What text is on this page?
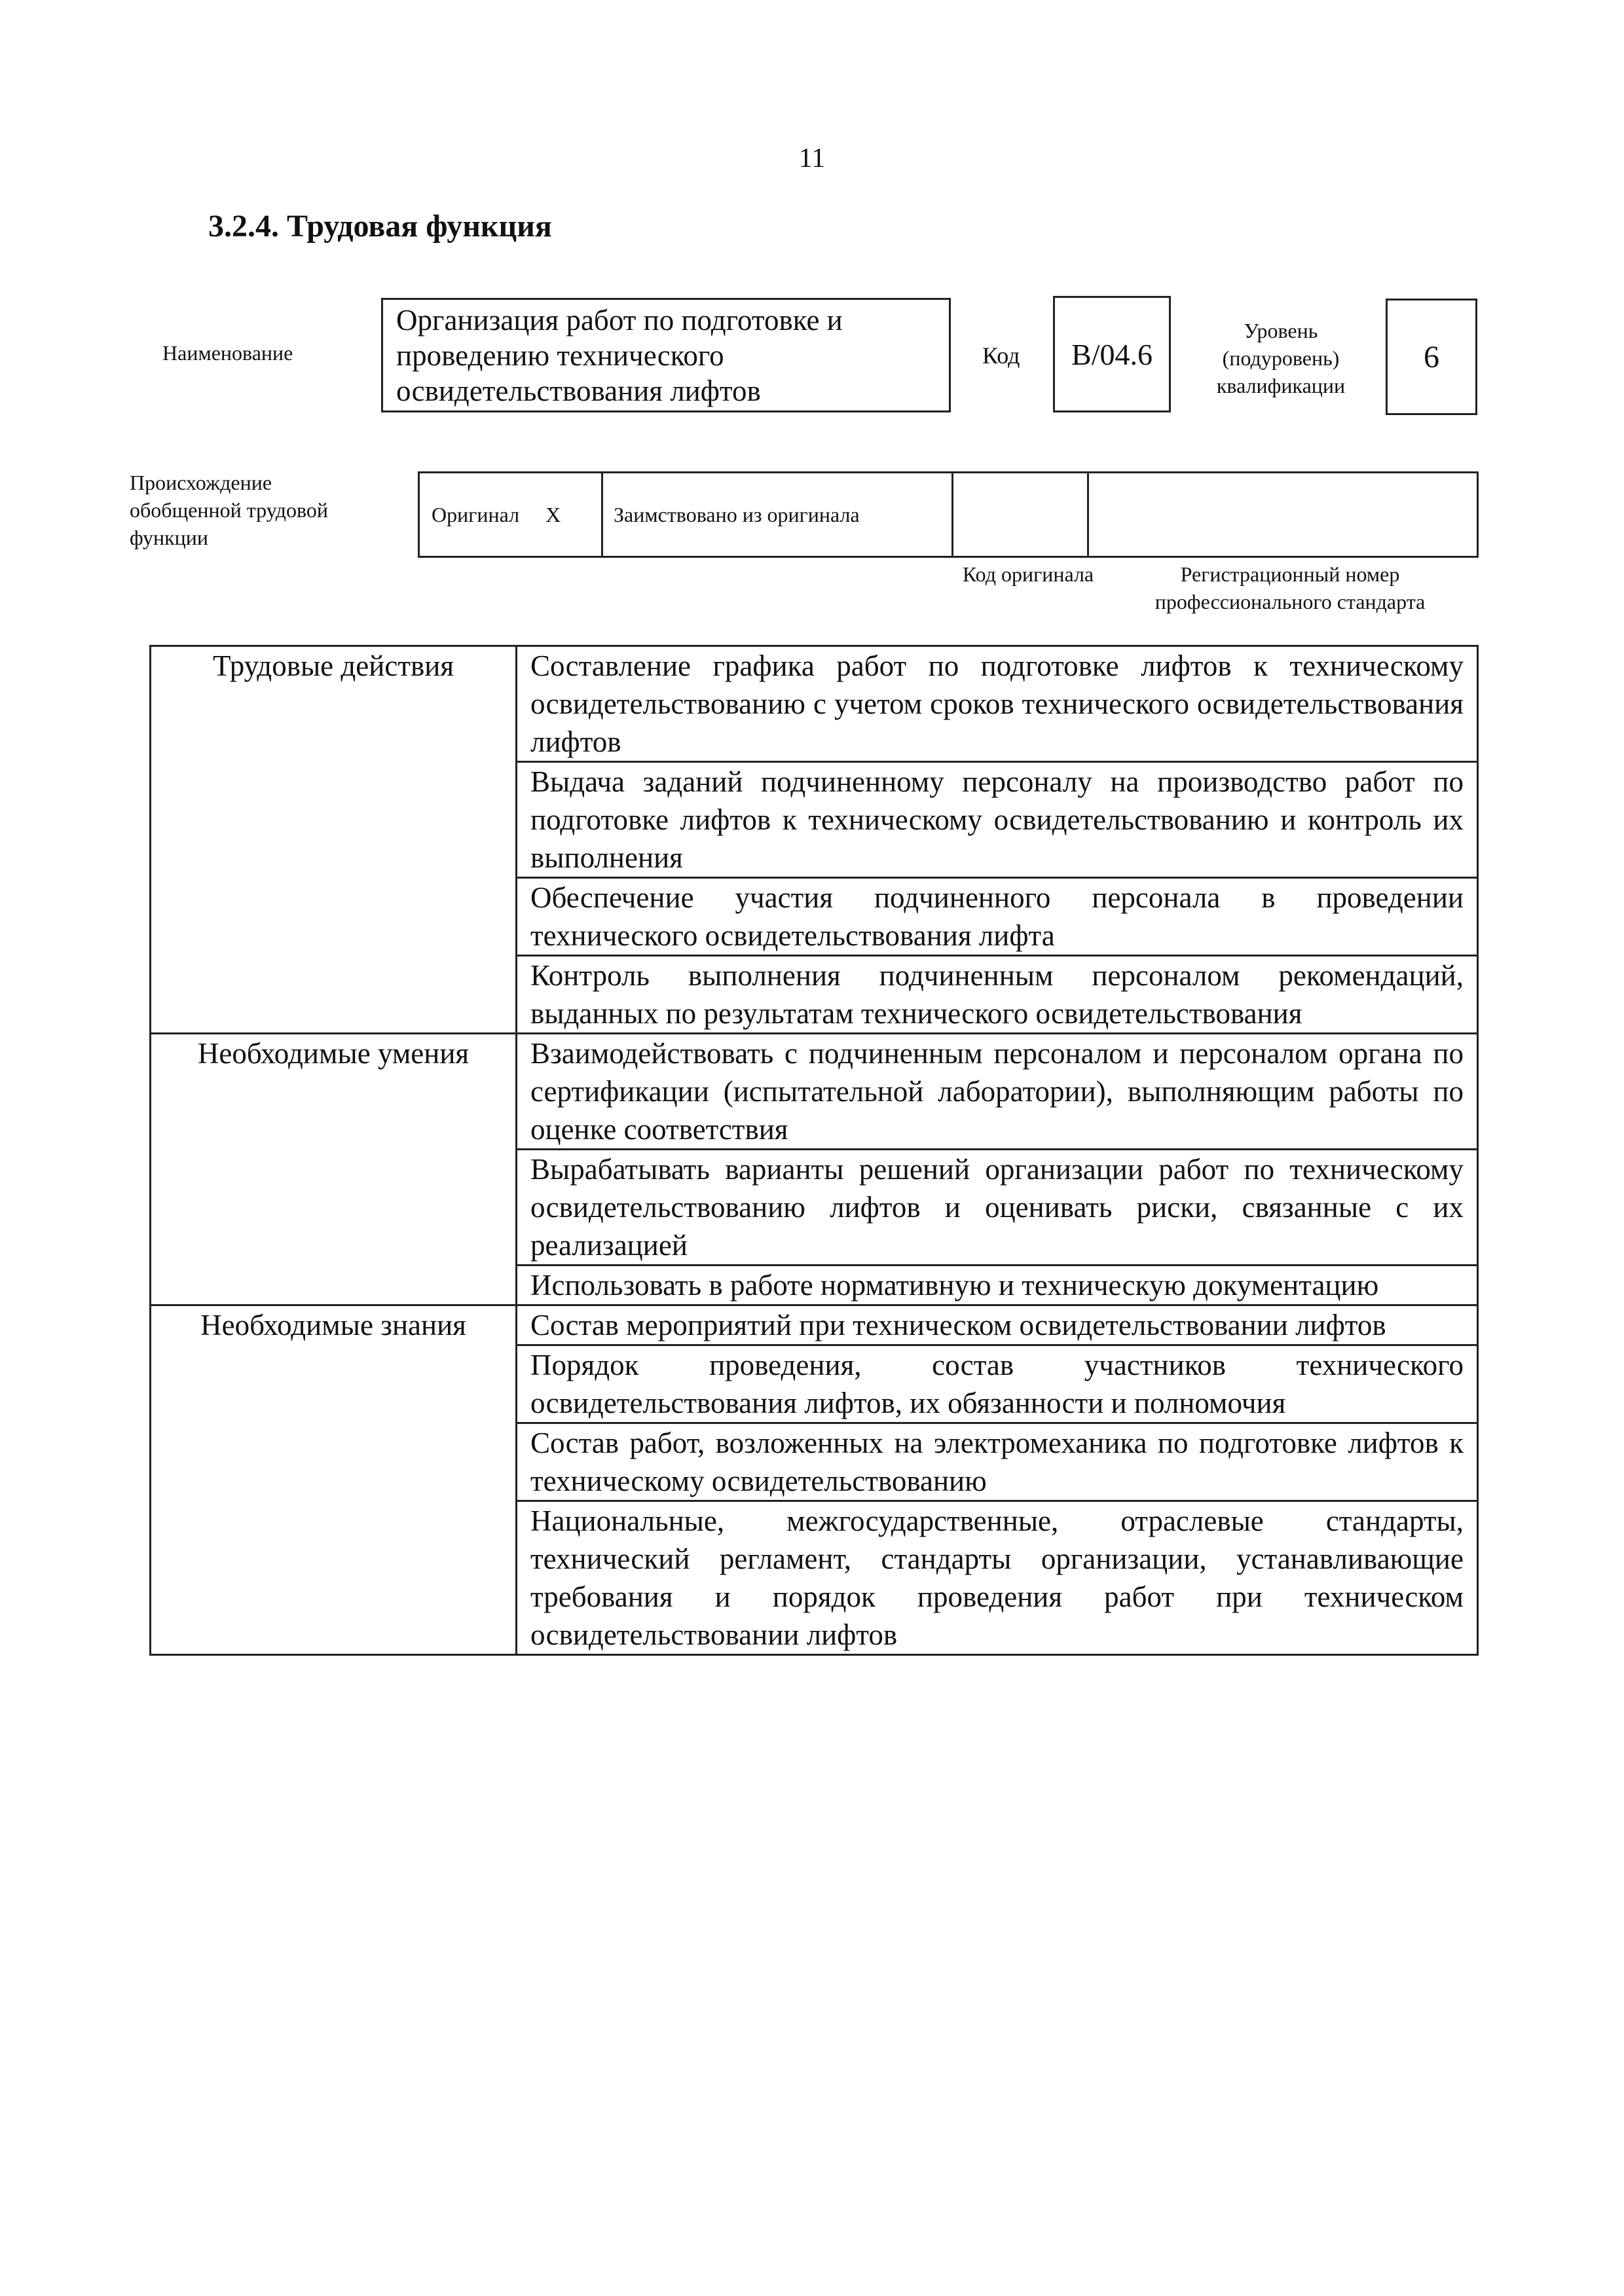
11
3.2.4. Трудовая функция
Наименование
Организация работ по подготовке и проведению технического освидетельствования лифтов
Код B/04.6
Уровень (подуровень) квалификации
6
Происхождение обобщенной трудовой функции
Оригинал X	Заимствовано из оригинала
Код оригинала	Регистрационный номер профессионального стандарта
Трудовые действия	Составление графика работ по подготовке лифтов к техническому освидетельствованию с учетом сроков технического освидетельствования лифтов
	Выдача заданий подчиненному персоналу на производство работ по подготовке лифтов к техническому освидетельствованию и контроль их выполнения
	Обеспечение участия подчиненного персонала в проведении технического освидетельствования лифта
	Контроль выполнения подчиненным персоналом рекомендаций, выданных по результатам технического освидетельствования
Необходимые умения	Взаимодействовать с подчиненным персоналом и персоналом органа по сертификации (испытательной лаборатории), выполняющим работы по оценке соответствия
	Вырабатывать варианты решений организации работ по техническому освидетельствованию лифтов и оценивать риски, связанные с их реализацией
	Использовать в работе нормативную и техническую документацию
Необходимые знания	Состав мероприятий при техническом освидетельствовании лифтов
	Порядок проведения, состав участников технического освидетельствования лифтов, их обязанности и полномочия
	Состав работ, возложенных на электромеханика по подготовке лифтов к техническому освидетельствованию
	Национальные, межгосударственные, отраслевые стандарты, технический регламент, стандарты организации, устанавливающие требования и порядок проведения работ при техническом освидетельствовании лифтов
